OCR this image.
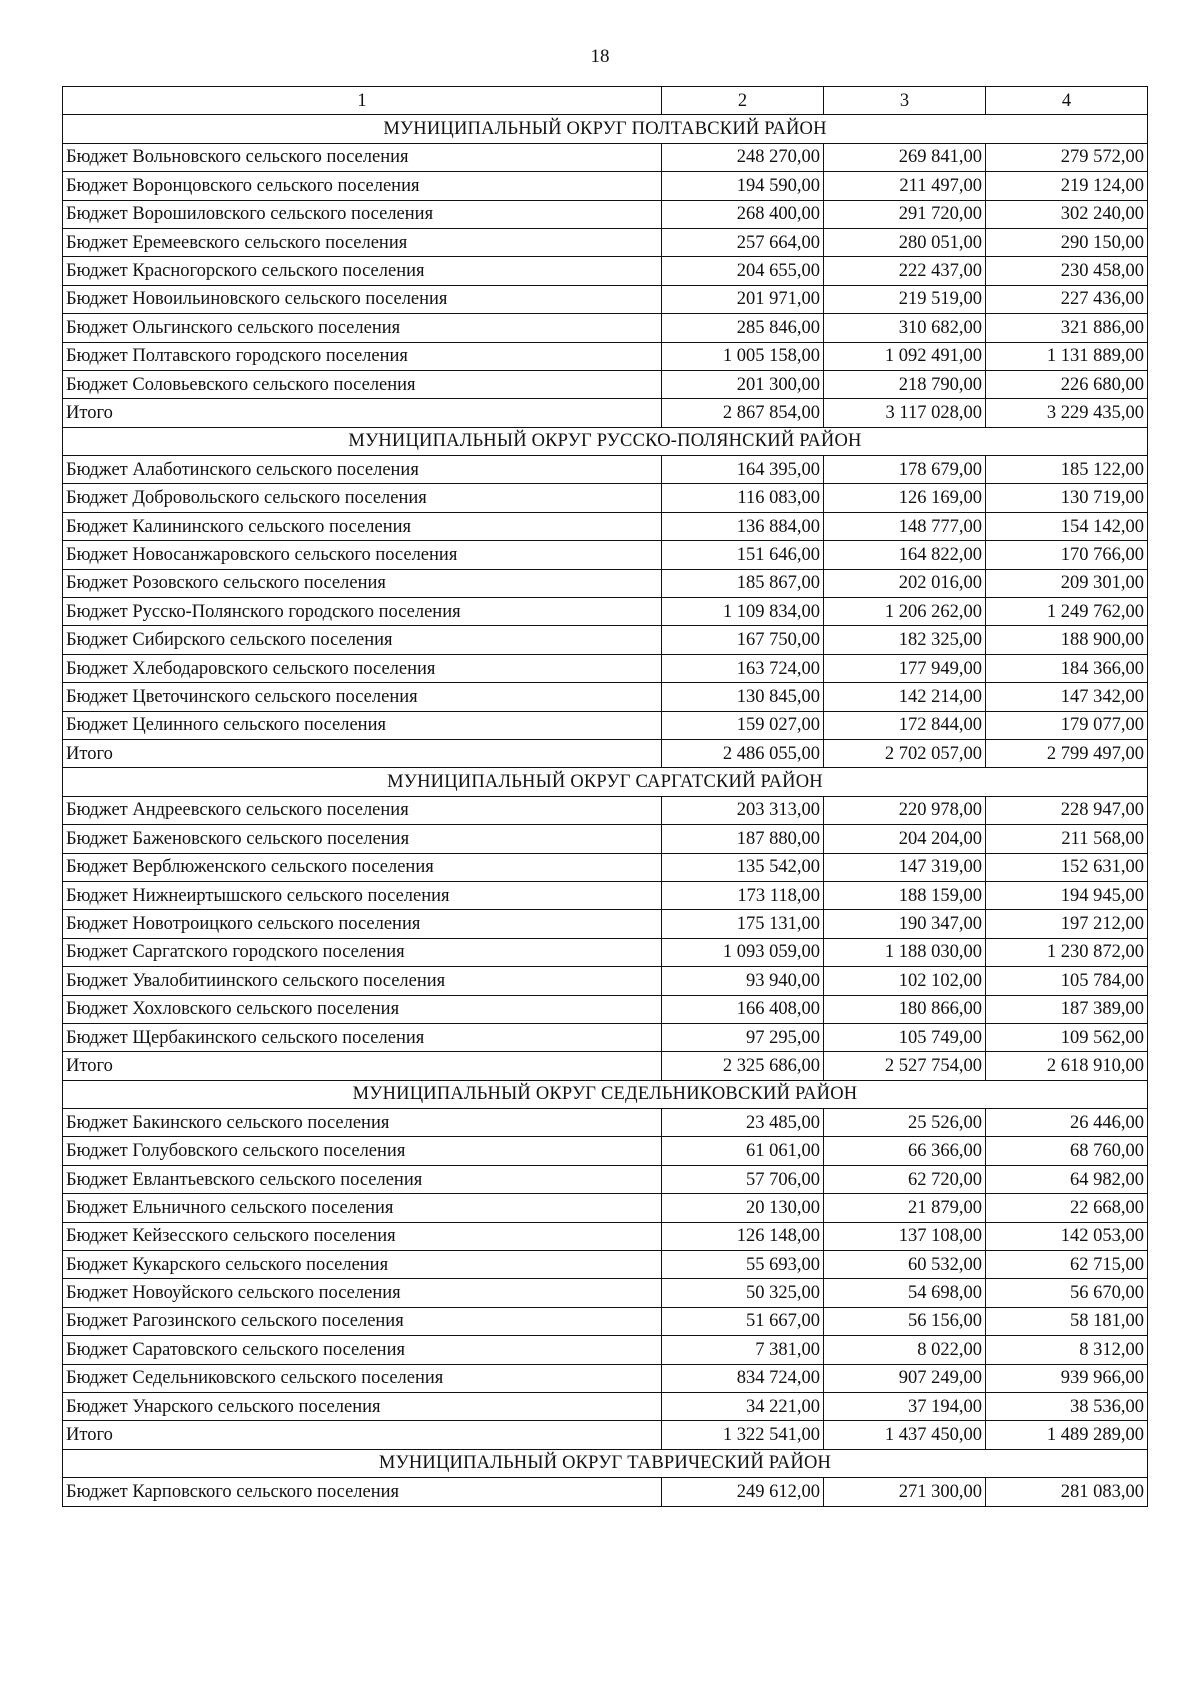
18
1	2	3	4
МУНИЦИПАЛЬНЫЙ ОКРУГ ПОЛТАВСКИЙ РАЙОН			
Бюджет Вольновского сельского поселения	248 270,00	269 841,00	279 572,00
Бюджет Воронцовского сельского поселения	194 590,00	211 497,00	219 124,00
Бюджет Ворошиловского сельского поселения	268 400,00	291 720,00	302 240,00
Бюджет Еремеевского сельского поселения	257 664,00	280 051,00	290 150,00
Бюджет Красногорского сельского поселения	204 655,00	222 437,00	230 458,00
Бюджет Новоильиновского сельского поселения	201 971,00	219 519,00	227 436,00
Бюджет Ольгинского сельского поселения	285 846,00	310 682,00	321 886,00
Бюджет Полтавского городского поселения	1 005 158,00	1 092 491,00	1 131 889,00
Бюджет Соловьевского сельского поселения	201 300,00	218 790,00	226 680,00
Итого	2 867 854,00	3 117 028,00	3 229 435,00
МУНИЦИПАЛЬНЫЙ ОКРУГ РУССКО-ПОЛЯНСКИЙ РАЙОН			
Бюджет Алаботинского сельского поселения	164 395,00	178 679,00	185 122,00
Бюджет Добровольского сельского поселения	116 083,00	126 169,00	130 719,00
Бюджет Калининского сельского поселения	136 884,00	148 777,00	154 142,00
Бюджет Новосанжаровского сельского поселения	151 646,00	164 822,00	170 766,00
Бюджет Розовского сельского поселения	185 867,00	202 016,00	209 301,00
Бюджет Русско-Полянского городского поселения	1 109 834,00	1 206 262,00	1 249 762,00
Бюджет Сибирского сельского поселения	167 750,00	182 325,00	188 900,00
Бюджет Хлебодаровского сельского поселения	163 724,00	177 949,00	184 366,00
Бюджет Цветочинского сельского поселения	130 845,00	142 214,00	147 342,00
Бюджет Целинного сельского поселения	159 027,00	172 844,00	179 077,00
Итого	2 486 055,00	2 702 057,00	2 799 497,00
МУНИЦИПАЛЬНЫЙ ОКРУГ САРГАТСКИЙ РАЙОН			
Бюджет Андреевского сельского поселения	203 313,00	220 978,00	228 947,00
Бюджет Баженовского сельского поселения	187 880,00	204 204,00	211 568,00
Бюджет Верблюженского сельского поселения	135 542,00	147 319,00	152 631,00
Бюджет Нижнеиртышского сельского поселения	173 118,00	188 159,00	194 945,00
Бюджет Новотроицкого сельского поселения	175 131,00	190 347,00	197 212,00
Бюджет Саргатского городского поселения	1 093 059,00	1 188 030,00	1 230 872,00
Бюджет Увалобитиинского сельского поселения	93 940,00	102 102,00	105 784,00
Бюджет Хохловского сельского поселения	166 408,00	180 866,00	187 389,00
Бюджет Щербакинского сельского поселения	97 295,00	105 749,00	109 562,00
Итого	2 325 686,00	2 527 754,00	2 618 910,00
МУНИЦИПАЛЬНЫЙ ОКРУГ СЕДЕЛЬНИКОВСКИЙ РАЙОН			
Бюджет Бакинского сельского поселения	23 485,00	25 526,00	26 446,00
Бюджет Голубовского сельского поселения	61 061,00	66 366,00	68 760,00
Бюджет Евлантьевского сельского поселения	57 706,00	62 720,00	64 982,00
Бюджет Ельничного сельского поселения	20 130,00	21 879,00	22 668,00
Бюджет Кейзесского сельского поселения	126 148,00	137 108,00	142 053,00
Бюджет Кукарского сельского поселения	55 693,00	60 532,00	62 715,00
Бюджет Новоуйского сельского поселения	50 325,00	54 698,00	56 670,00
Бюджет Рагозинского сельского поселения	51 667,00	56 156,00	58 181,00
Бюджет Саратовского сельского поселения	7 381,00	8 022,00	8 312,00
Бюджет Седельниковского сельского поселения	834 724,00	907 249,00	939 966,00
Бюджет Унарского сельского поселения	34 221,00	37 194,00	38 536,00
Итого	1 322 541,00	1 437 450,00	1 489 289,00
МУНИЦИПАЛЬНЫЙ ОКРУГ ТАВРИЧЕСКИЙ РАЙОН			
Бюджет Карповского сельского поселения	249 612,00	271 300,00	281 083,00
